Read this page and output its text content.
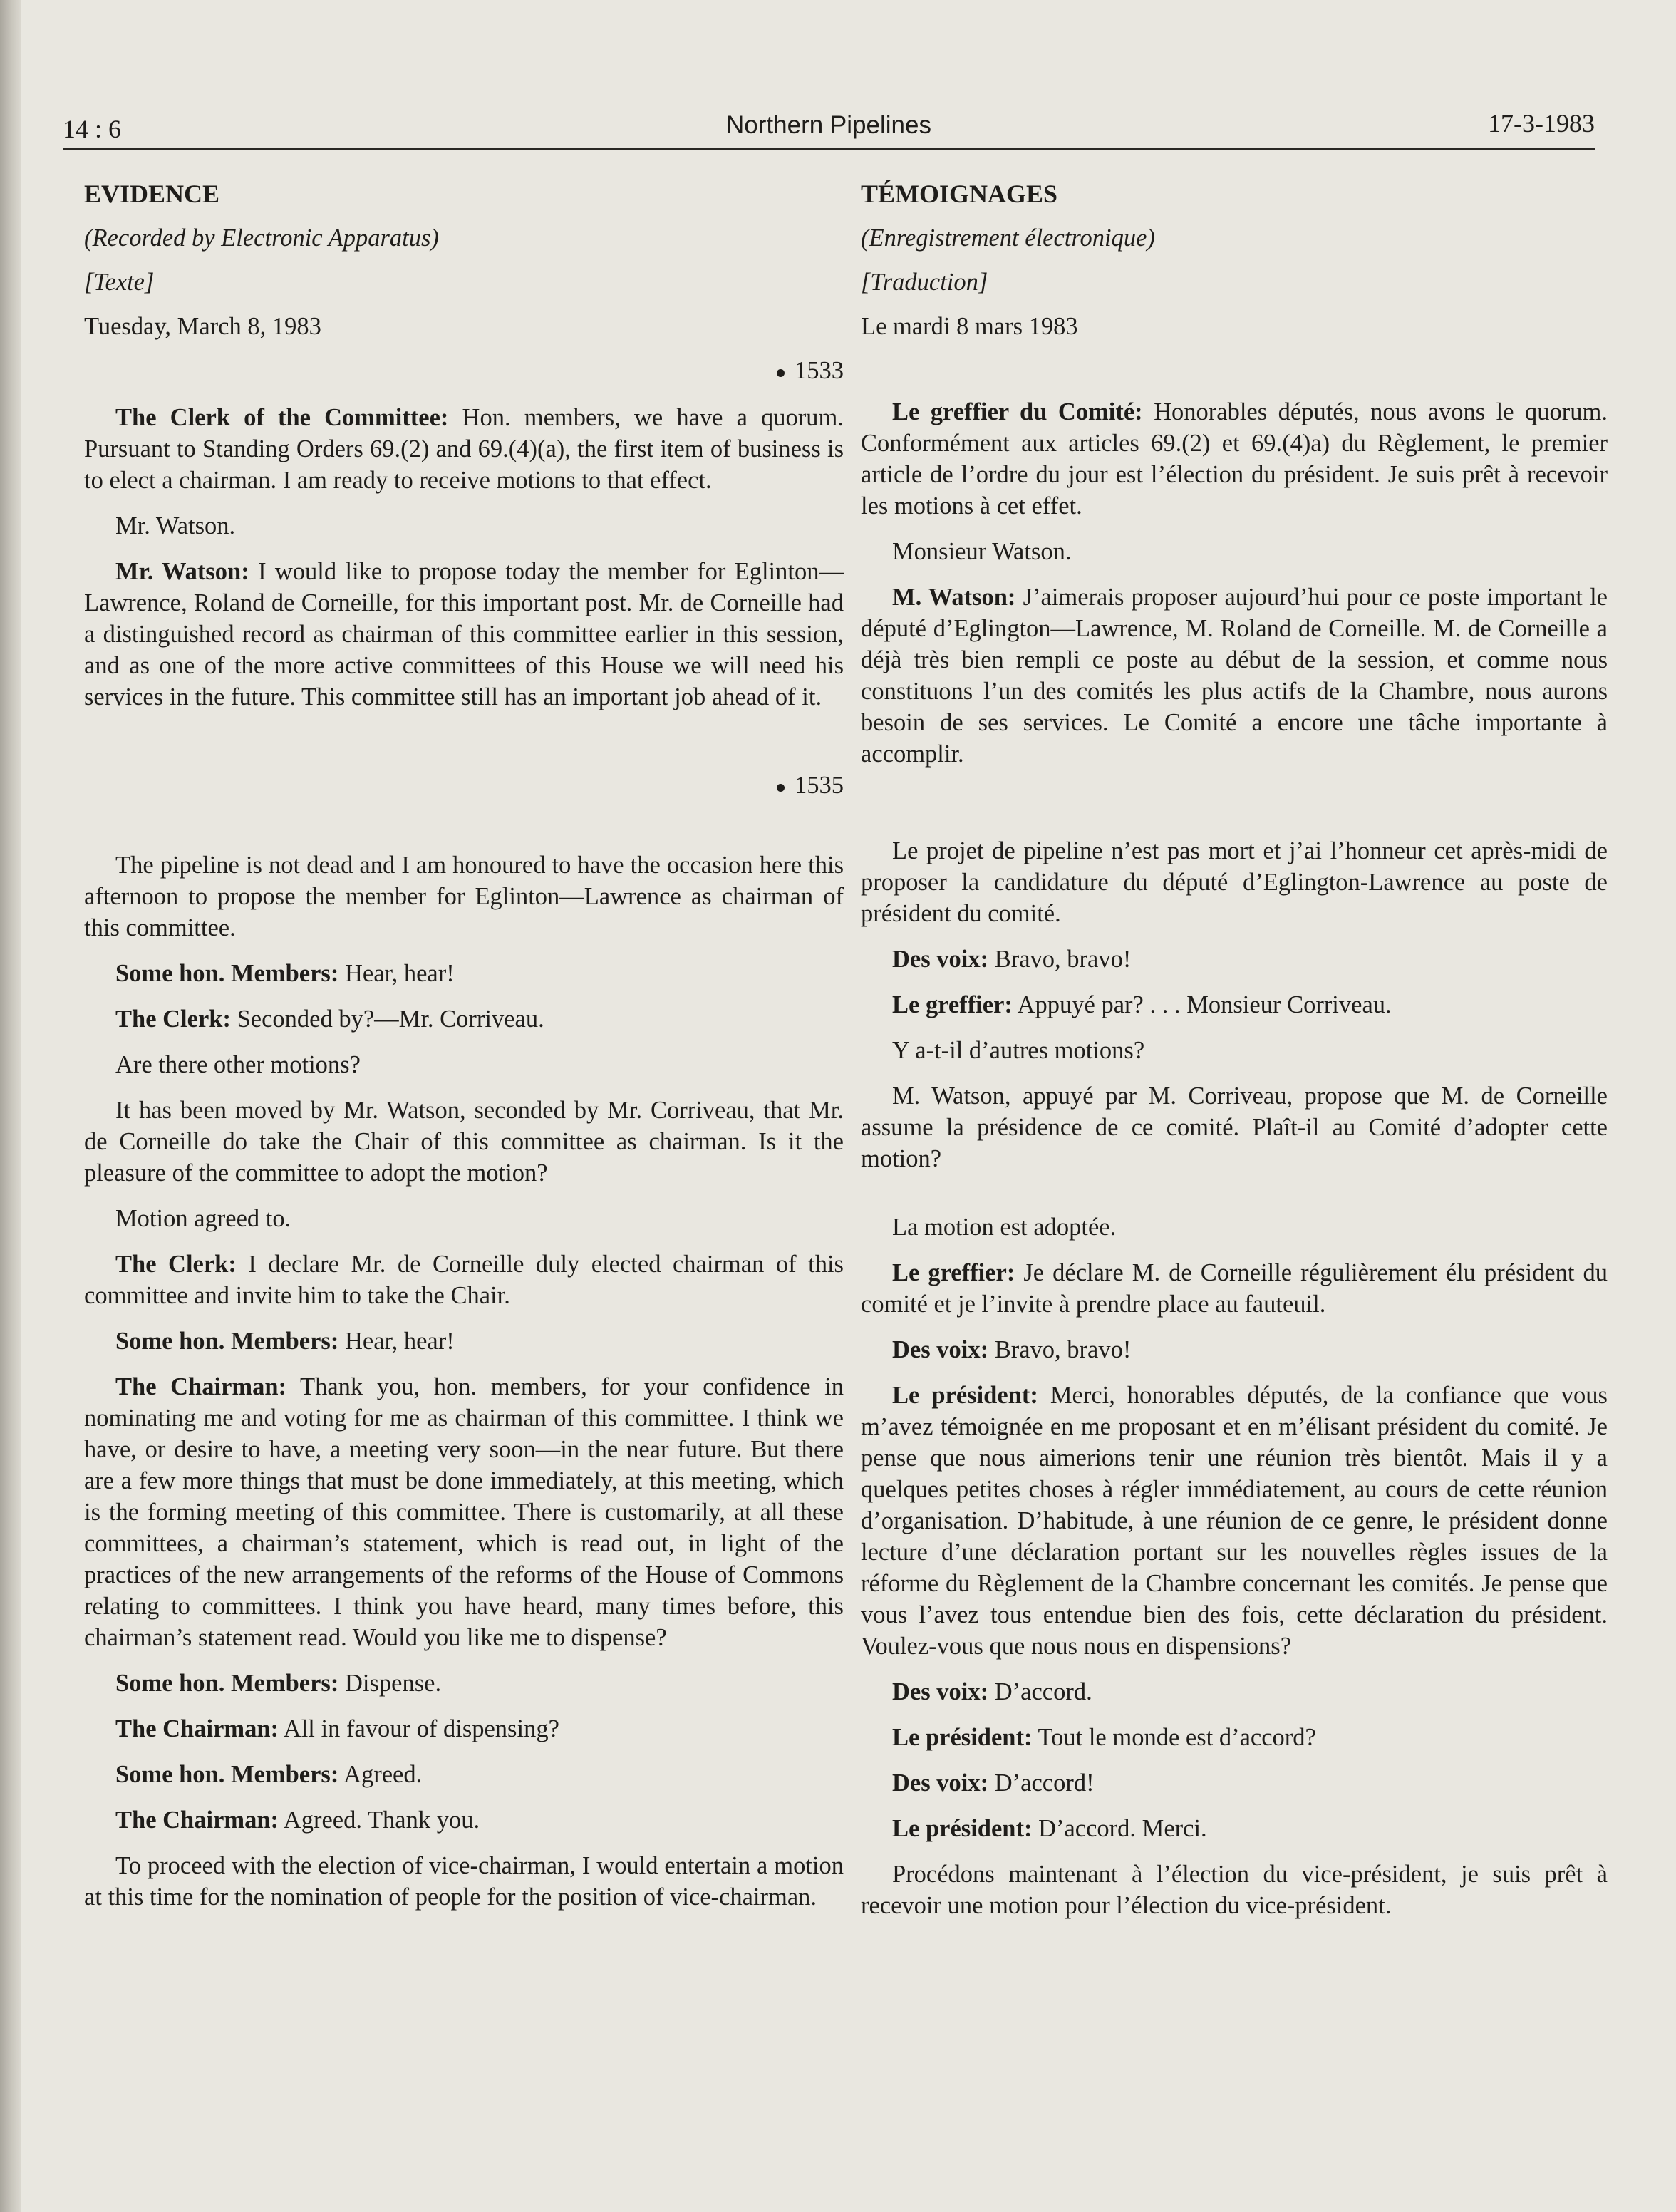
14 : 6	Northern Pipelines	17-3-1983
EVIDENCE
(Recorded by Electronic Apparatus)
[Texte]
Tuesday, March 8, 1983
1533

The Clerk of the Committee: Hon. members, we have a quorum. Pursuant to Standing Orders 69.(2) and 69.(4)(a), the first item of business is to elect a chairman. I am ready to receive motions to that effect.

Mr. Watson.

Mr. Watson: I would like to propose today the member for Eglinton—Lawrence, Roland de Corneille, for this important post. Mr. de Corneille had a distinguished record as chairman of this committee earlier in this session, and as one of the more active committees of this House we will need his services in the future. This committee still has an important job ahead of it.

1535

The pipeline is not dead and I am honoured to have the occasion here this afternoon to propose the member for Eglinton—Lawrence as chairman of this committee.

Some hon. Members: Hear, hear!

The Clerk: Seconded by?—Mr. Corriveau.

Are there other motions?

It has been moved by Mr. Watson, seconded by Mr. Corriveau, that Mr. de Corneille do take the Chair of this committee as chairman. Is it the pleasure of the committee to adopt the motion?

Motion agreed to.

The Clerk: I declare Mr. de Corneille duly elected chairman of this committee and invite him to take the Chair.

Some hon. Members: Hear, hear!

The Chairman: Thank you, hon. members, for your confidence in nominating me and voting for me as chairman of this committee. I think we have, or desire to have, a meeting very soon—in the near future. But there are a few more things that must be done immediately, at this meeting, which is the forming meeting of this committee. There is customarily, at all these committees, a chairman’s statement, which is read out, in light of the practices of the new arrangements of the reforms of the House of Commons relating to committees. I think you have heard, many times before, this chairman’s statement read. Would you like me to dispense?

Some hon. Members: Dispense.

The Chairman: All in favour of dispensing?

Some hon. Members: Agreed.

The Chairman: Agreed. Thank you.

To proceed with the election of vice-chairman, I would entertain a motion at this time for the nomination of people for the position of vice-chairman.

TÉMOIGNAGES
(Enregistrement électronique)
[Traduction]
Le mardi 8 mars 1983

Le greffier du Comité: Honorables députés, nous avons le quorum. Conformément aux articles 69.(2) et 69.(4)a) du Règlement, le premier article de l’ordre du jour est l’élection du président. Je suis prêt à recevoir les motions à cet effet.

Monsieur Watson.

M. Watson: J’aimerais proposer aujourd’hui pour ce poste important le député d’Eglington—Lawrence, M. Roland de Corneille. M. de Corneille a déjà très bien rempli ce poste au début de la session, et comme nous constituons l’un des comités les plus actifs de la Chambre, nous aurons besoin de ses services. Le Comité a encore une tâche importante à accomplir.

Le projet de pipeline n’est pas mort et j’ai l’honneur cet après-midi de proposer la candidature du député d’Eglington-Lawrence au poste de président du comité.

Des voix: Bravo, bravo!

Le greffier: Appuyé par? . . . Monsieur Corriveau.

Y a-t-il d’autres motions?

M. Watson, appuyé par M. Corriveau, propose que M. de Corneille assume la présidence de ce comité. Plaît-il au Comité d’adopter cette motion?

La motion est adoptée.

Le greffier: Je déclare M. de Corneille régulièrement élu président du comité et je l’invite à prendre place au fauteuil.

Des voix: Bravo, bravo!

Le président: Merci, honorables députés, de la confiance que vous m’avez témoignée en me proposant et en m’élisant président du comité. Je pense que nous aimerions tenir une réunion très bientôt. Mais il y a quelques petites choses à régler immédiatement, au cours de cette réunion d’organisation. D’habitude, à une réunion de ce genre, le président donne lecture d’une déclaration portant sur les nouvelles règles issues de la réforme du Règlement de la Chambre concernant les comités. Je pense que vous l’avez tous entendue bien des fois, cette déclaration du président. Voulez-vous que nous nous en dispensions?

Des voix: D’accord.

Le président: Tout le monde est d’accord?

Des voix: D’accord!

Le président: D’accord. Merci.

Procédons maintenant à l’élection du vice-président, je suis prêt à recevoir une motion pour l’élection du vice-président.
